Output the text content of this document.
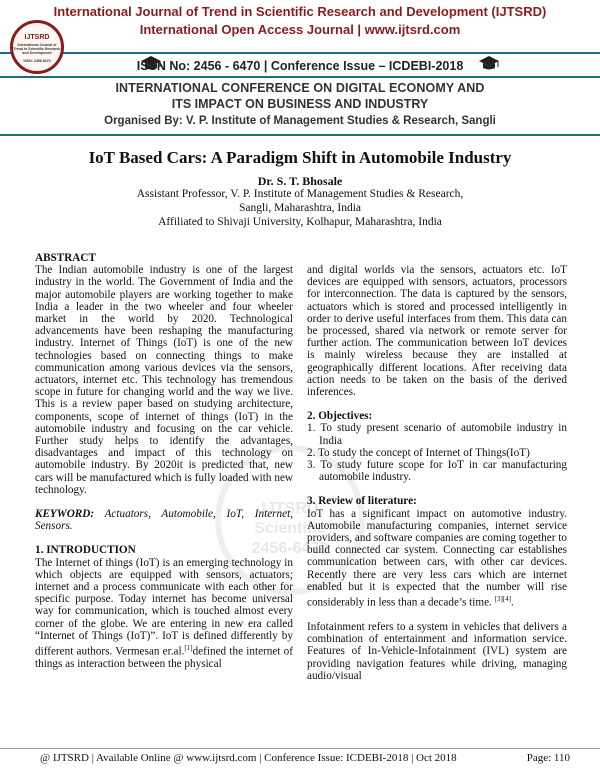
IJTSRD
International Journal of Trend in Scientific Research and Development
ISSN: 2456-6470
International Journal of Trend in Scientific Research and Development (IJTSRD)
International Open Access Journal | www.ijtsrd.com
ISSN No: 2456 - 6470 | Conference Issue – ICDEBI-2018
INTERNATIONAL CONFERENCE ON DIGITAL ECONOMY AND
ITS IMPACT ON BUSINESS AND INDUSTRY
Organised By: V. P. Institute of Management Studies & Research, Sangli
IoT Based Cars: A Paradigm Shift in Automobile Industry
Dr. S. T. Bhosale
Assistant Professor, V. P. Institute of Management Studies & Research,
Sangli, Maharashtra, India
Affiliated to Shivaji University, Kolhapur, Maharashtra, India
IJTSRD
Scientific
2456-6470
ABSTRACT
The Indian automobile industry is one of the largest industry in the world. The Government of India and the major automobile players are working together to make India a leader in the two wheeler and four wheeler market in the world by 2020. Technological advancements have been reshaping the manufacturing industry. Internet of Things (IoT) is one of the new technologies based on connecting things to make communication among various devices via the sensors, actuators, internet etc. This technology has tremendous scope in future for changing world and the way we live. This is a review paper based on studying architecture, components, scope of internet of things (IoT) in the automobile industry and focusing on the car vehicle. Further study helps to identify the advantages, disadvantages and impact of this technology on automobile industry. By 2020it is predicted that, new cars will be manufactured which is fully loaded with new technology.
KEYWORD: Actuators, Automobile, IoT, Internet, Sensors.
1. INTRODUCTION
The Internet of things (IoT) is an emerging technology in which objects are equipped with sensors, actuators; internet and a process communicate with each other for specific purpose. Today internet has become universal way for communication, which is touched almost every corner of the globe. We are entering in new era called “Internet of Things (IoT)”. IoT is defined differently by different authors. Vermesan er.al.[1]defined the internet of things as interaction between the physical
and digital worlds via the sensors, actuators etc. IoT devices are equipped with sensors, actuators, processors for interconnection. The data is captured by the sensors, actuators which is stored and processed intelligently in order to derive useful interfaces from them. This data can be processed, shared via network or remote server for further action. The communication between IoT devices is mainly wireless because they are installed at geographically different locations. After receiving data action needs to be taken on the basis of the derived inferences.
2. Objectives:
1. To study present scenario of automobile industry in India
2. To study the concept of Internet of Things(IoT)
3. To study future scope for IoT in car manufacturing automobile industry.
3. Review of literature:
IoT has a significant impact on automotive industry. Automobile manufacturing companies, internet service providers, and software companies are coming together to build connected car system. Connecting car establishes communication between cars, with other car devices. Recently there are very less cars which are internet enabled but it is expected that the number will rise considerably in less than a decade’s time. [3][4].
Infotainment refers to a system in vehicles that delivers a combination of entertainment and information service. Features of In-Vehicle-Infotainment (IVL) system are providing navigation features while driving, managing audio/visual
@ IJTSRD | Available Online @ www.ijtsrd.com | Conference Issue: ICDEBI-2018 | Oct 2018	Page: 110
